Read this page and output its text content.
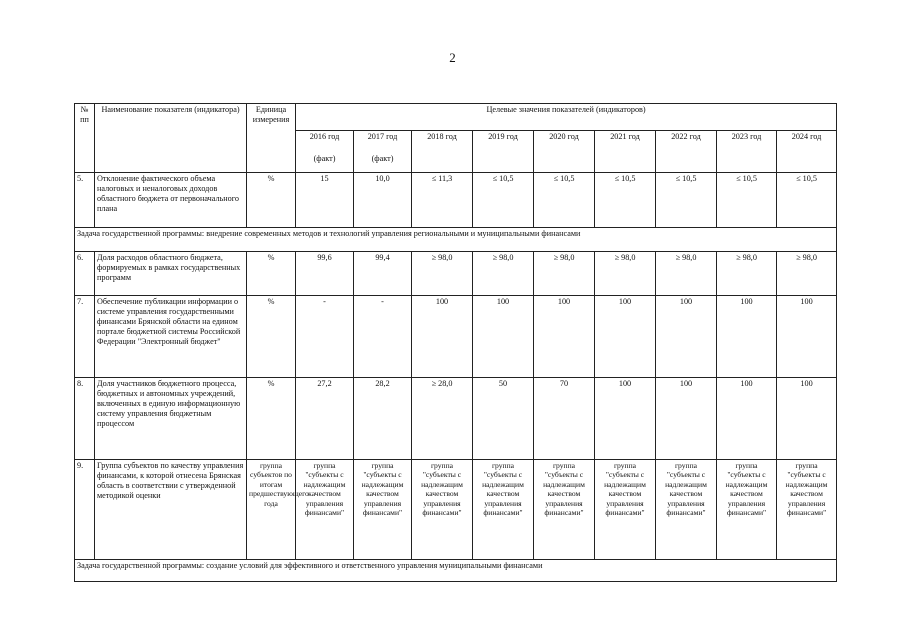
2
№
пп	Наименование показателя (индикатора)	Единица измерения	Целевые значения показателей (индикаторов)								
			2016 год	2017 год	2018 год	2019 год	2020 год	2021 год	2022 год	2023 год	2024 год
			(факт)	(факт)							
5.	Отклонение фактического объема налоговых и неналоговых доходов областного бюджета от первоначального плана	%	15	10,0	≤ 11,3	≤ 10,5	≤ 10,5	≤ 10,5	≤ 10,5	≤ 10,5	≤ 10,5
Задача государственной программы: внедрение современных методов и технологий управления региональными и муниципальными финансами											
6.	Доля расходов областного бюджета, формируемых в рамках государственных программ	%	99,6	99,4	≥ 98,0	≥ 98,0	≥ 98,0	≥ 98,0	≥ 98,0	≥ 98,0	≥ 98,0
7.	Обеспечение публикации информации о системе управления государственными финансами Брянской области на едином портале бюджетной системы Российской Федерации "Электронный бюджет"	%	-	-	100	100	100	100	100	100	100
8.	Доля участников бюджетного процесса, бюджетных и автономных учреждений, включенных в единую информационную систему управления бюджетным процессом	%	27,2	28,2	≥ 28,0	50	70	100	100	100	100
9.	Группа субъектов по качеству управления финансами, к которой отнесена Брянская область в соответствии с утвержденной методикой оценки	группа субъектов по итогам предшествующего года	группа "субъекты с надлежащим качеством управления финансами"	группа "субъекты с надлежащим качеством управления финансами"	группа "субъекты с надлежащим качеством управления финансами"	группа "субъекты с надлежащим качеством управления финансами"	группа "субъекты с надлежащим качеством управления финансами"	группа "субъекты с надлежащим качеством управления финансами"	группа "субъекты с надлежащим качеством управления финансами"	группа "субъекты с надлежащим качеством управления финансами"	группа "субъекты с надлежащим качеством управления финансами"
Задача государственной программы: создание условий для эффективного и ответственного управления муниципальными финансами											
